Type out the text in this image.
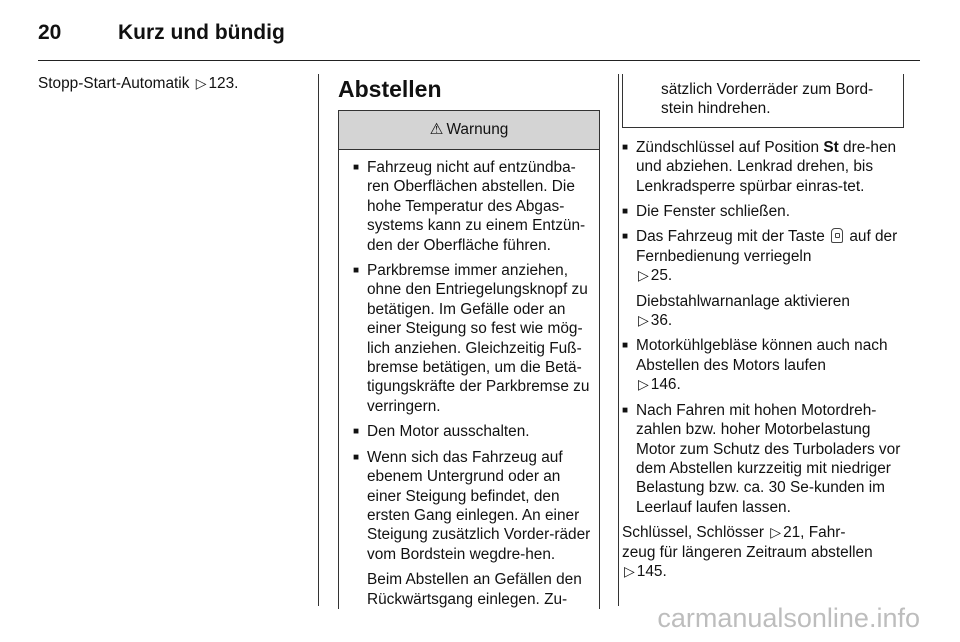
20	Kurz und bündig
Stopp-Start-Automatik ▷ 123.	Abstellen
⚠ Warnung
■ Fahrzeug nicht auf entzündba-ren Oberflächen abstellen. Die hohe Temperatur des Abgas-systems kann zu einem Entzün-den der Oberfläche führen.
■ Parkbremse immer anziehen, ohne den Entriegelungsknopf zu betätigen. Im Gefälle oder an einer Steigung so fest wie mög-lich anziehen. Gleichzeitig Fuß-bremse betätigen, um die Betä-tigungskräfte der Parkbremse zu verringern.
■ Den Motor ausschalten.
■ Wenn sich das Fahrzeug auf ebenem Untergrund oder an einer Steigung befindet, den ersten Gang einlegen. An einer Steigung zusätzlich Vorder-räder vom Bordstein wegdre-hen.
Beim Abstellen an Gefällen den Rückwärtsgang einlegen. Zu-
sätzlich Vorderräder zum Bord-stein hindrehen.
■ Zündschlüssel auf Position St dre-hen und abziehen. Lenkrad drehen, bis Lenkradsperre spürbar einras-tet.
■ Die Fenster schließen.
■ Das Fahrzeug mit der Taste  auf der Fernbedienung verriegeln
▷ 25.
Diebstahlwarnanlage aktivieren
▷ 36.
■ Motorkühlgebläse können auch nach Abstellen des Motors laufen
▷ 146.
■ Nach Fahren mit hohen Motordreh-zahlen bzw. hoher Motorbelastung Motor zum Schutz des Turboladers vor dem Abstellen kurzzeitig mit niedriger Belastung bzw. ca. 30 Se-kunden im Leerlauf laufen lassen.
Schlüssel, Schlösser ▷ 21, Fahr-
zeug für längeren Zeitraum abstellen
▷ 145.
carmanualsonline.info
